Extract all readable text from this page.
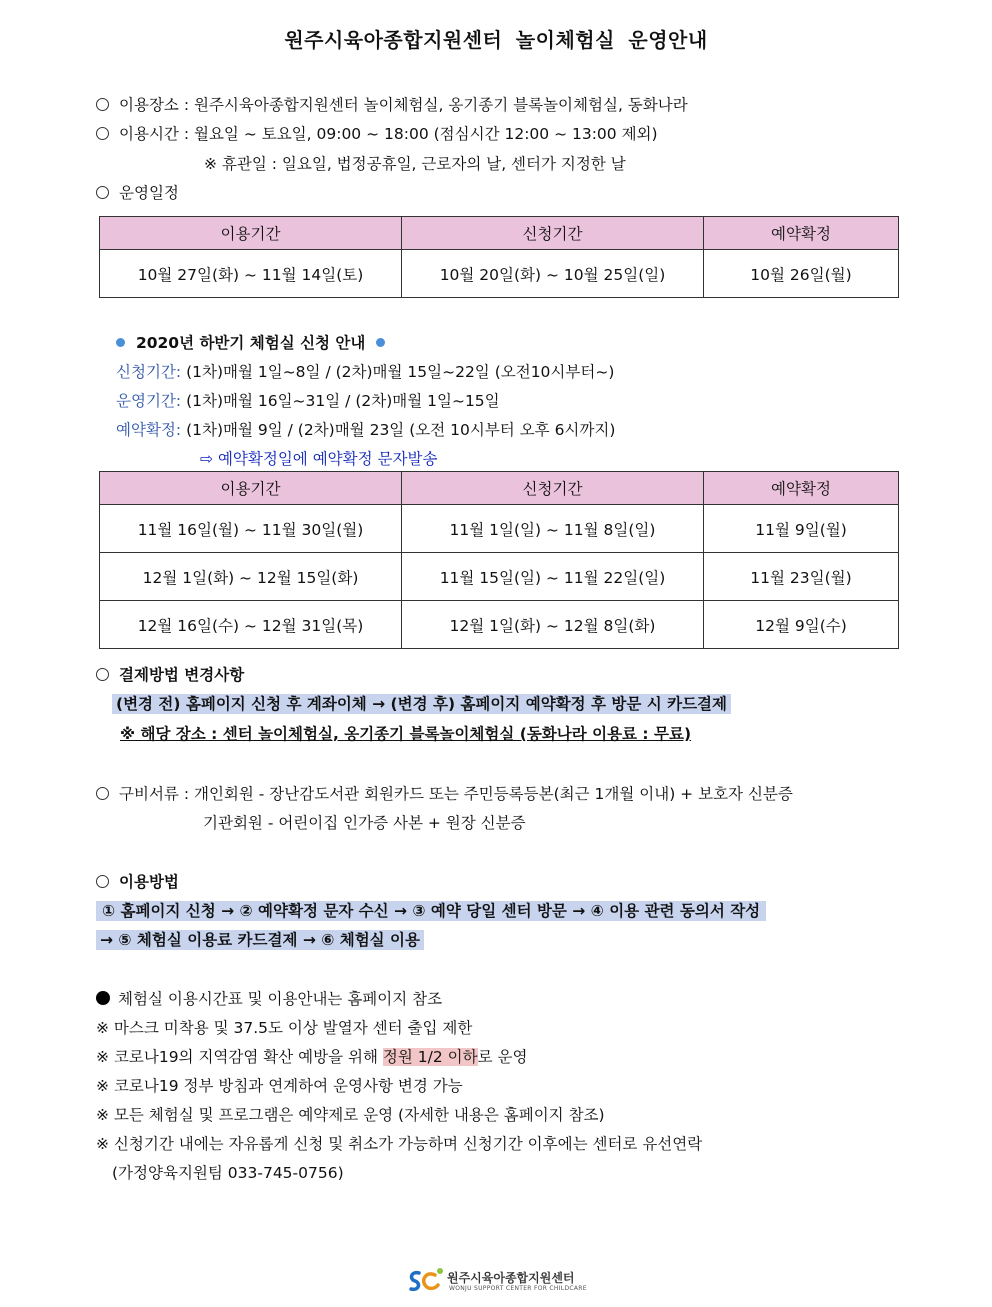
원주시육아종합지원센터 놀이체험실 운영안내
이용장소 : 원주시육아종합지원센터 놀이체험실, 옹기종기 블록놀이체험실, 동화나라
이용시간 : 월요일 ~ 토요일, 09:00 ~ 18:00 (점심시간 12:00 ~ 13:00 제외)
※ 휴관일 : 일요일, 법정공휴일, 근로자의 날, 센터가 지정한 날
운영일정
이용기간	신청기간	예약확정
10월 27일(화) ~ 11월 14일(토)	10월 20일(화) ~ 10월 25일(일)	10월 26일(월)
2020년 하반기 체험실 신청 안내
신청기간: (1차)매월 1일~8일 / (2차)매월 15일~22일 (오전10시부터~)
운영기간: (1차)매월 16일~31일 / (2차)매월 1일~15일
예약확정: (1차)매월 9일 / (2차)매월 23일 (오전 10시부터 오후 6시까지)
⇨ 예약확정일에 예약확정 문자발송
이용기간	신청기간	예약확정
11월 16일(월) ~ 11월 30일(월)	11월 1일(일) ~ 11월 8일(일)	11월 9일(월)
12월 1일(화) ~ 12월 15일(화)	11월 15일(일) ~ 11월 22일(일)	11월 23일(월)
12월 16일(수) ~ 12월 31일(목)	12월 1일(화) ~ 12월 8일(화)	12월 9일(수)
결제방법 변경사항
(변경 전) 홈페이지 신청 후 계좌이체 → (변경 후) 홈페이지 예약확정 후 방문 시 카드결제
※ 해당 장소 : 센터 놀이체험실, 옹기종기 블록놀이체험실 (동화나라 이용료 : 무료)
구비서류 : 개인회원 - 장난감도서관 회원카드 또는 주민등록등본(최근 1개월 이내) + 보호자 신분증
기관회원 - 어린이집 인가증 사본 + 원장 신분증
이용방법
① 홈페이지 신청 → ② 예약확정 문자 수신 → ③ 예약 당일 센터 방문 → ④ 이용 관련 동의서 작성
→ ⑤ 체험실 이용료 카드결제 → ⑥ 체험실 이용
체험실 이용시간표 및 이용안내는 홈페이지 참조
※ 마스크 미착용 및 37.5도 이상 발열자 센터 출입 제한
※ 코로나19의 지역감염 확산 예방을 위해 정원 1/2 이하로 운영
※ 코로나19 정부 방침과 연계하여 운영사항 변경 가능
※ 모든 체험실 및 프로그램은 예약제로 운영 (자세한 내용은 홈페이지 참조)
※ 신청기간 내에는 자유롭게 신청 및 취소가 가능하며 신청기간 이후에는 센터로 유선연락
(가정양육지원팀 033-745-0756)
원주시육아종합지원센터
WONJU SUPPORT CENTER FOR CHILDCARE
